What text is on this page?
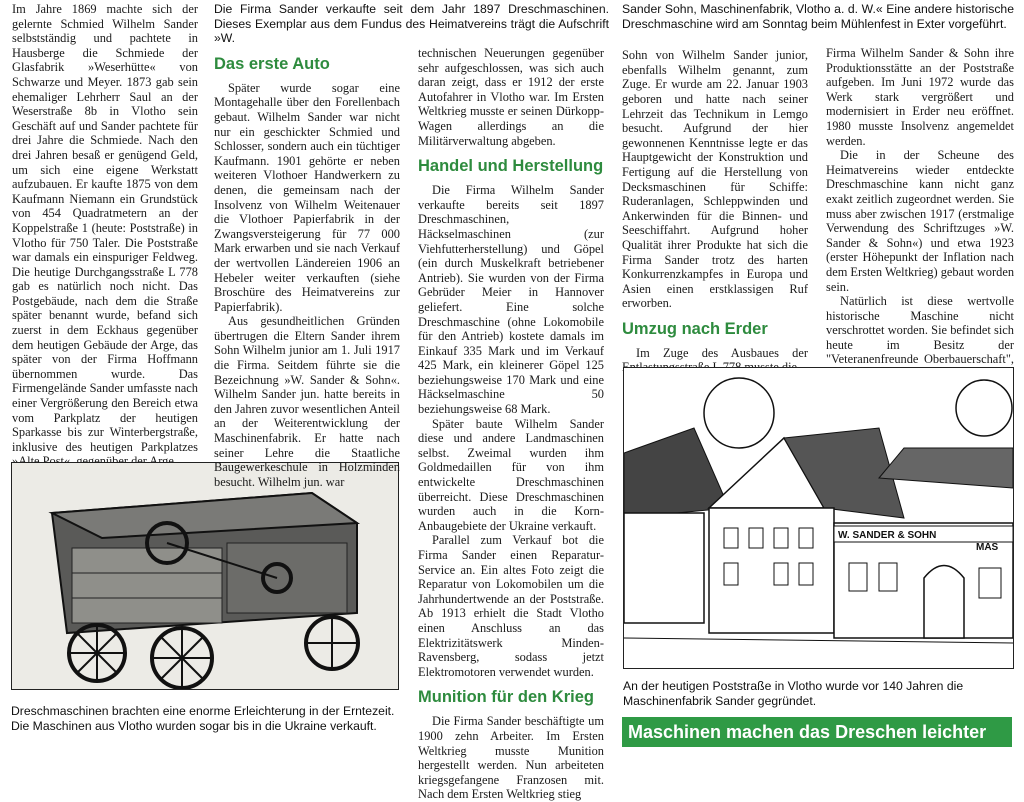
Im Jahre 1869 machte sich der gelernte Schmied Wilhelm Sander selbstständig und pachtete in Hausberge die Schmiede der Glasfabrik »Weserhütte« von Schwarze und Meyer. 1873 gab sein ehemaliger Lehrherr Saul an der Weserstraße 8b in Vlotho sein Geschäft auf und Sander pachtete für drei Jahre die Schmiede. Nach den drei Jahren besaß er genügend Geld, um sich eine eigene Werkstatt aufzubauen. Er kaufte 1875 von dem Kaufmann Niemann ein Grundstück von 454 Quadratmetern an der Koppelstraße 1 (heute: Poststraße) in Vlotho für 750 Taler. Die Poststraße war damals ein einspuriger Feldweg. Die heutige Durchgangsstraße L 778 gab es natürlich noch nicht. Das Postgebäude, nach dem die Straße später benannt wurde, befand sich zuerst in dem Eckhaus gegenüber dem heutigen Gebäude der Arge, das später von der Firma Hoffmann übernommen wurde. Das Firmengelände Sander umfasste nach einer Vergrößerung den Bereich etwa vom Parkplatz der heutigen Sparkasse bis zur Winterbergstraße, inklusive des heutigen Parkplatzes

Dreschmaschinen brachten eine enorme Erleichterung in der Erntezeit. Die Maschinen aus Vlotho wurden sogar bis in die Ukraine verkauft.

Die Firma Sander verkaufte seit dem Jahr 1897 Dreschmaschinen. Dieses Exemplar aus dem Fundus des Heimatvereins trägt die Aufschrift »W.

Das erste Auto

Später wurde sogar eine Montagehalle über den Forellenbach gebaut. Wilhelm Sander war nicht nur ein geschickter Schmied und Schlosser, sondern auch ein tüchtiger Kaufmann. 1901 gehörte er neben weiteren Vlothoer Handwerkern zu denen, die gemeinsam nach der Insolvenz von Wilhelm Weitenauer die Vlothoer Papierfabrik in der Zwangsversteigerung für 77 000 Mark erwarben und sie nach Verkauf der wertvollen Ländereien 1906 an Hebeler weiter verkauften (siehe Broschüre des Heimatvereins zur Papierfabrik).

Aus gesundheitlichen Gründen übertrugen die Eltern Sander ihrem Sohn Wilhelm junior am 1. Juli 1917 die Firma. Seitdem führte sie die Bezeichnung »W. Sander & Sohn«. Wilhelm Sander jun. hatte bereits in den Jahren zuvor wesentlichen Anteil an der Weiterentwicklung der Maschinenfabrik. Er hatte nach seiner Lehre die Staatliche Baugewerkeschule in Holzminden besucht. Wilhelm jun. war

technischen Neuerungen gegenüber sehr aufgeschlossen, was sich auch daran zeigt, dass er 1912 der erste Autofahrer in Vlotho war. Im Ersten Weltkrieg musste er seinen Dürkopp-Wagen allerdings an die Militärverwaltung abgeben.

Handel und Herstellung

Die Firma Wilhelm Sander verkaufte bereits seit 1897 Dreschmaschinen, Häckselmaschinen (zur Viehfutterherstellung) und Göpel (ein durch Muskelkraft betriebener Antrieb). Sie wurden von der Firma Gebrüder Meier in Hannover geliefert. Eine solche Dreschmaschine (ohne Lokomobile für den Antrieb) kostete damals im Einkauf 335 Mark und im Verkauf 425 Mark, ein kleinerer Göpel 125 beziehungsweise 170 Mark und eine Häckselmaschine 50 beziehungsweise 68 Mark.

Später baute Wilhelm Sander diese und andere Landmaschinen selbst. Zweimal wurden ihm Goldmedaillen für von ihm entwickelte Dreschmaschinen überreicht. Diese Dreschmaschinen wurden auch in die Korn-Anbaugebiete der Ukraine verkauft.

Parallel zum Verkauf bot die Firma Sander einen Reparatur-Service an. Ein altes Foto zeigt die Reparatur von Lokomobilen um die Jahrhundertwende an der Poststraße. Ab 1913 erhielt die Stadt Vlotho einen Anschluss an das Elektrizitätswerk Minden-Ravensberg, sodass jetzt Elektromotoren verwendet wurden.

Munition für den Krieg

Die Firma Sander beschäftigte um 1900 zehn Arbeiter. Im Ersten Weltkrieg musste Munition hergestellt werden. Nun arbeiteten kriegsgefangene Franzosen mit. Nach dem Ersten Weltkrieg stieg

Sander Sohn, Maschinenfabrik, Vlotho a. d. W.« Eine andere historische Dreschmaschine wird am Sonntag beim Mühlenfest in Exter vorgeführt.

Sohn von Wilhelm Sander junior, ebenfalls Wilhelm genannt, zum Zuge. Er wurde am 22. Januar 1903 geboren und hatte nach seiner Lehrzeit das Technikum in Lemgo besucht. Aufgrund der hier gewonnenen Kenntnisse legte er das Hauptgewicht der Konstruktion und Fertigung auf die Herstellung von Decksmaschinen für Schiffe: Ruderanlagen, Schleppwinden und Ankerwinden für die Binnen- und Seeschiffahrt. Aufgrund hoher Qualität ihrer Produkte hat sich die Firma Sander trotz des harten Konkurrenzkampfes in Europa und Asien einen erstklassigen Ruf erworben.

Umzug nach Erder

Im Zuge des Ausbaues der

Firma Wilhelm Sander & Sohn ihre Produktionsstätte an der Poststraße aufgeben. Im Juni 1972 wurde das Werk stark vergrößert und modernisiert in Erder neu eröffnet. 1980 musste Insolvenz angemeldet werden.

Die in der Scheune des Heimatvereins wieder entdeckte Dreschmaschine kann nicht ganz exakt zeitlich zugeordnet werden. Sie muss aber zwischen 1917 (erstmalige Verwendung des Schriftzuges »W. Sander & Sohn«) und etwa 1923 (erster Höhepunkt der Inflation nach dem Ersten Weltkrieg) gebaut worden sein.

Natürlich ist diese wertvolle historische Maschine nicht verschrottet worden. Sie befindet sich heute im Besitz der "Veteranenfreunde Oberbauerschaft",

W. SANDER & SOHN
MAS

An der heutigen Poststraße in Vlotho wurde vor 140 Jahren die Maschinenfabrik Sander gegründet.

Maschinen machen das Dreschen leichter
